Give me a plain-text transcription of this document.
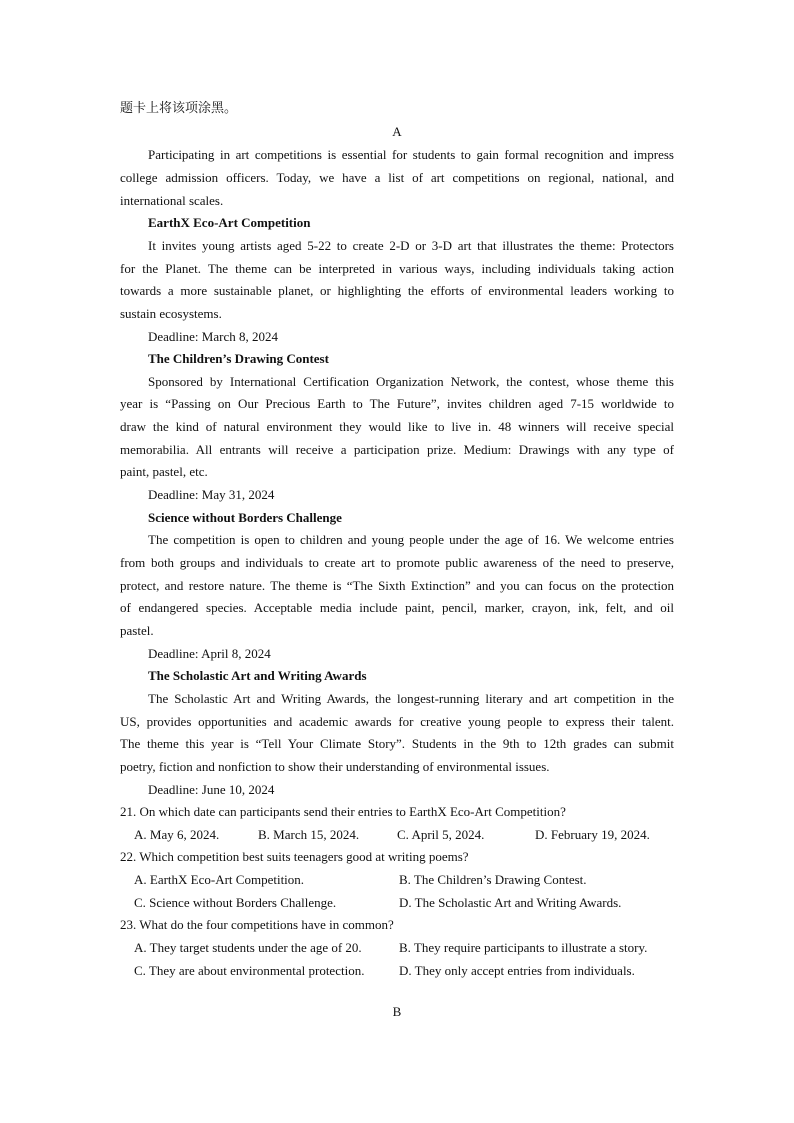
题卡上将该项涂黑。
A
Participating in art competitions is essential for students to gain formal recognition and impress
college admission officers. Today, we have a list of art competitions on regional, national, and
international scales.
EarthX Eco-Art Competition
It invites young artists aged 5-22 to create 2-D or 3-D art that illustrates the theme: Protectors
for the Planet. The theme can be interpreted in various ways, including individuals taking action
towards a more sustainable planet, or highlighting the efforts of environmental leaders working to
sustain ecosystems.
Deadline: March 8, 2024
The Children’s Drawing Contest
Sponsored by International Certification Organization Network, the contest, whose theme this
year is “Passing on Our Precious Earth to The Future”, invites children aged 7-15 worldwide to
draw the kind of natural environment they would like to live in. 48 winners will receive special
memorabilia. All entrants will receive a participation prize. Medium: Drawings with any type of
paint, pastel, etc.
Deadline: May 31, 2024
Science without Borders Challenge
The competition is open to children and young people under the age of 16. We welcome entries
from both groups and individuals to create art to promote public awareness of the need to preserve,
protect, and restore nature. The theme is “The Sixth Extinction” and you can focus on the protection
of endangered species. Acceptable media include paint, pencil, marker, crayon, ink, felt, and oil
pastel.
Deadline: April 8, 2024
The Scholastic Art and Writing Awards
The Scholastic Art and Writing Awards, the longest-running literary and art competition in the
US, provides opportunities and academic awards for creative young people to express their talent.
The theme this year is “Tell Your Climate Story”. Students in the 9th to 12th grades can submit
poetry, fiction and nonfiction to show their understanding of environmental issues.
Deadline: June 10, 2024
21. On which date can participants send their entries to EarthX Eco-Art Competition?
A. May 6, 2024.	B. March 15, 2024.	C. April 5, 2024.	D. February 19, 2024.
22. Which competition best suits teenagers good at writing poems?
A. EarthX Eco-Art Competition.	B. The Children’s Drawing Contest.
C. Science without Borders Challenge.	D. The Scholastic Art and Writing Awards.
23. What do the four competitions have in common?
A. They target students under the age of 20.	B. They require participants to illustrate a story.
C. They are about environmental protection.	D. They only accept entries from individuals.
B
